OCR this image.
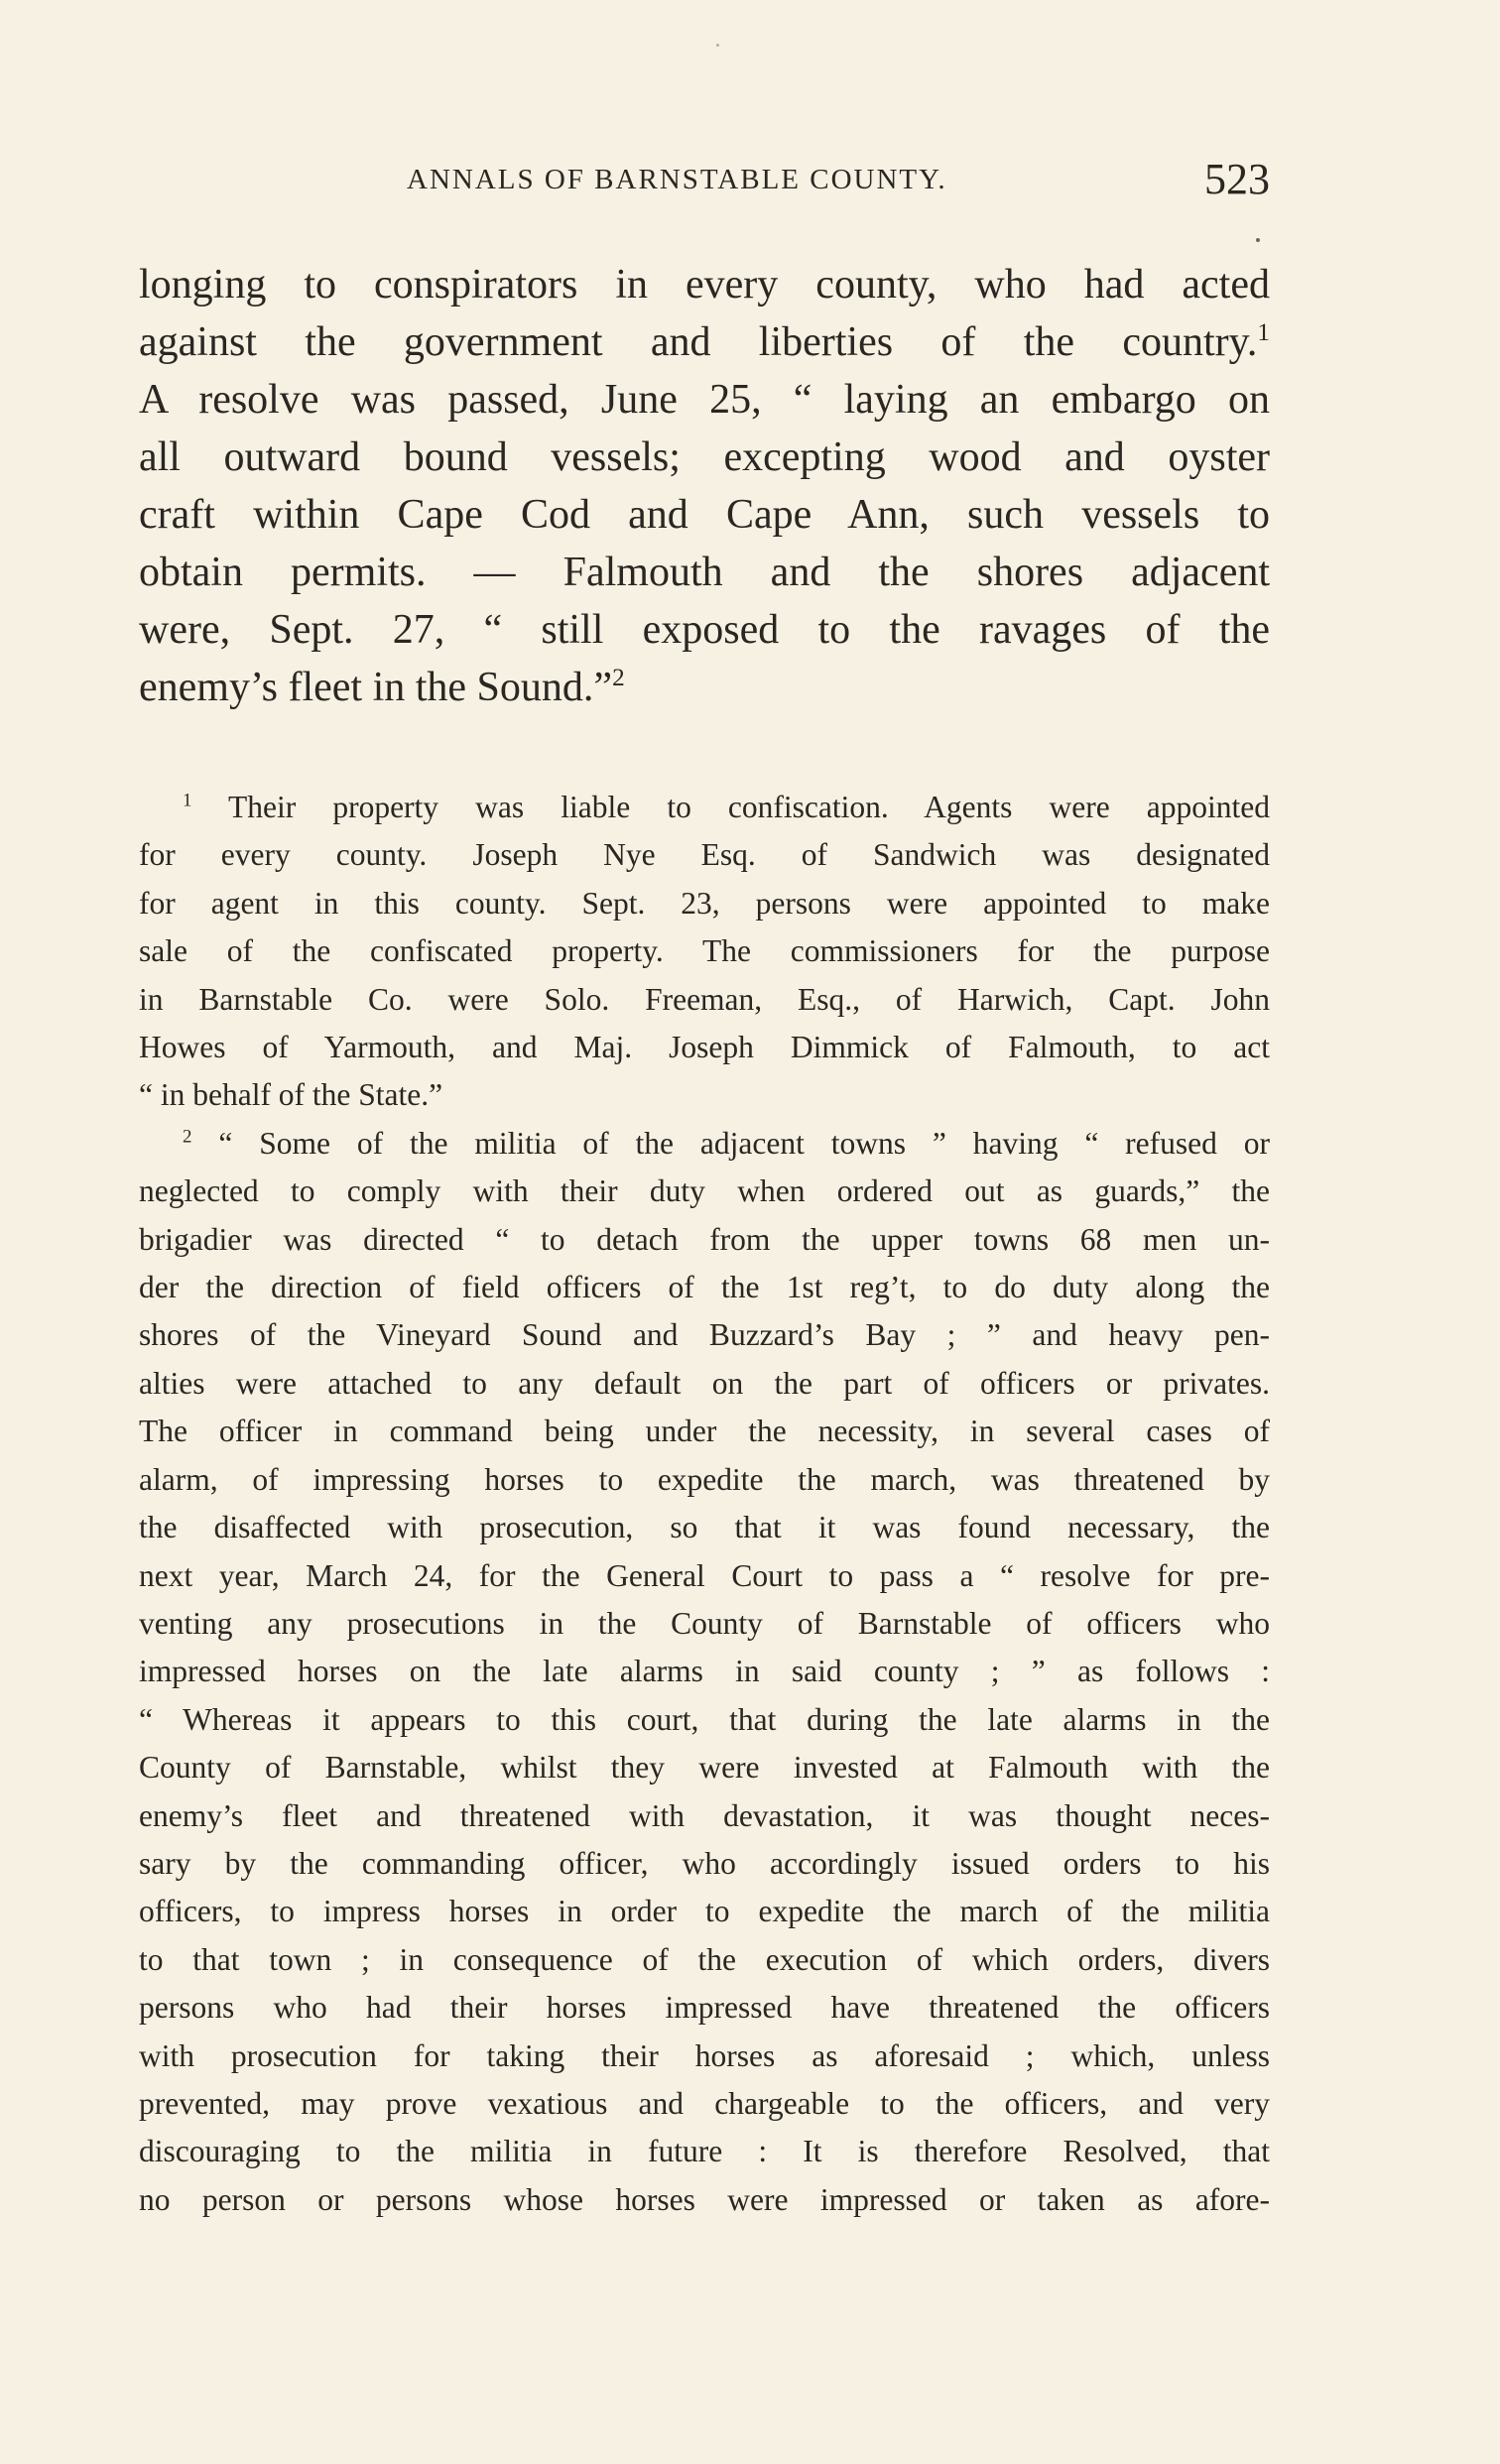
ANNALS OF BARNSTABLE COUNTY.	523
longing to conspirators in every county, who had acted
against the government and liberties of the country.$^1$
A resolve was passed, June 25, “ laying an embargo on
all outward bound vessels; excepting wood and oyster
craft within Cape Cod and Cape Ann, such vessels to
obtain permits. — Falmouth and the shores adjacent
were, Sept. 27, “ still exposed to the ravages of the
enemy’s fleet in the Sound.”$^2$
$^1$ Their property was liable to confiscation. Agents were appointed
for every county. Joseph Nye Esq. of Sandwich was designated
for agent in this county. Sept. 23, persons were appointed to make
sale of the confiscated property. The commissioners for the purpose
in Barnstable Co. were Solo. Freeman, Esq., of Harwich, Capt. John
Howes of Yarmouth, and Maj. Joseph Dimmick of Falmouth, to act
“ in behalf of the State.”
$^2$ “ Some of the militia of the adjacent towns ” having “ refused or
neglected to comply with their duty when ordered out as guards,” the
brigadier was directed “ to detach from the upper towns 68 men un-
der the direction of field officers of the 1st reg’t, to do duty along the
shores of the Vineyard Sound and Buzzard’s Bay ; ” and heavy pen-
alties were attached to any default on the part of officers or privates.
The officer in command being under the necessity, in several cases of
alarm, of impressing horses to expedite the march, was threatened by
the disaffected with prosecution, so that it was found necessary, the
next year, March 24, for the General Court to pass a “ resolve for pre-
venting any prosecutions in the County of Barnstable of officers who
impressed horses on the late alarms in said county ; ” as follows :
“ Whereas it appears to this court, that during the late alarms in the
County of Barnstable, whilst they were invested at Falmouth with the
enemy’s fleet and threatened with devastation, it was thought neces-
sary by the commanding officer, who accordingly issued orders to his
officers, to impress horses in order to expedite the march of the militia
to that town ; in consequence of the execution of which orders, divers
persons who had their horses impressed have threatened the officers
with prosecution for taking their horses as aforesaid ; which, unless
prevented, may prove vexatious and chargeable to the officers, and very
discouraging to the militia in future : It is therefore Resolved, that
no person or persons whose horses were impressed or taken as afore-
